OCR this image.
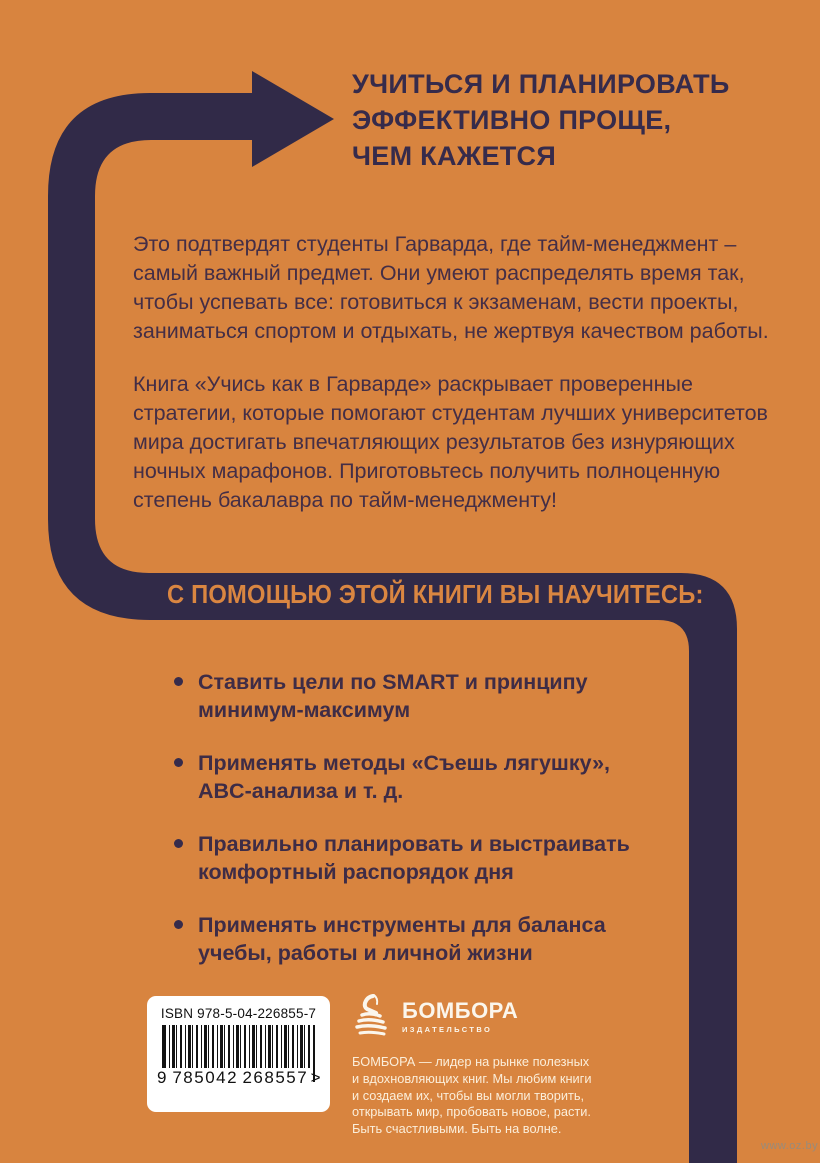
УЧИТЬСЯ И ПЛАНИРОВАТЬ
ЭФФЕКТИВНО ПРОЩЕ,
ЧЕМ КАЖЕТСЯ
Это подтвердят студенты Гарварда, где тайм-менеджмент – самый важный предмет. Они умеют распределять время так, чтобы успевать все: готовиться к экзаменам, вести проекты, заниматься спортом и отдыхать, не жертвуя качеством работы.
Книга «Учись как в Гарварде» раскрывает проверенные стратегии, которые помогают студентам лучших университетов мира достигать впечатляющих результатов без изнуряющих ночных марафонов. Приготовьтесь получить полноценную степень бакалавра по тайм-менеджменту!
С ПОМОЩЬЮ ЭТОЙ КНИГИ ВЫ НАУЧИТЕСЬ:
Ставить цели по SMART и принципу минимум-максимум
Применять методы «Съешь лягушку», ABC-анализа и т. д.
Правильно планировать и выстраивать комфортный распорядок дня
Применять инструменты для баланса учебы, работы и личной жизни
ISBN 978-5-04-226855-7
9 785042 268557 >
БОМБОРА
ИЗДАТЕЛЬСТВО
БОМБОРА — лидер на рынке полезных
и вдохновляющих книг. Мы любим книги
и создаем их, чтобы вы могли творить,
открывать мир, пробовать новое, расти.
Быть счастливыми. Быть на волне.
www.oz.by
